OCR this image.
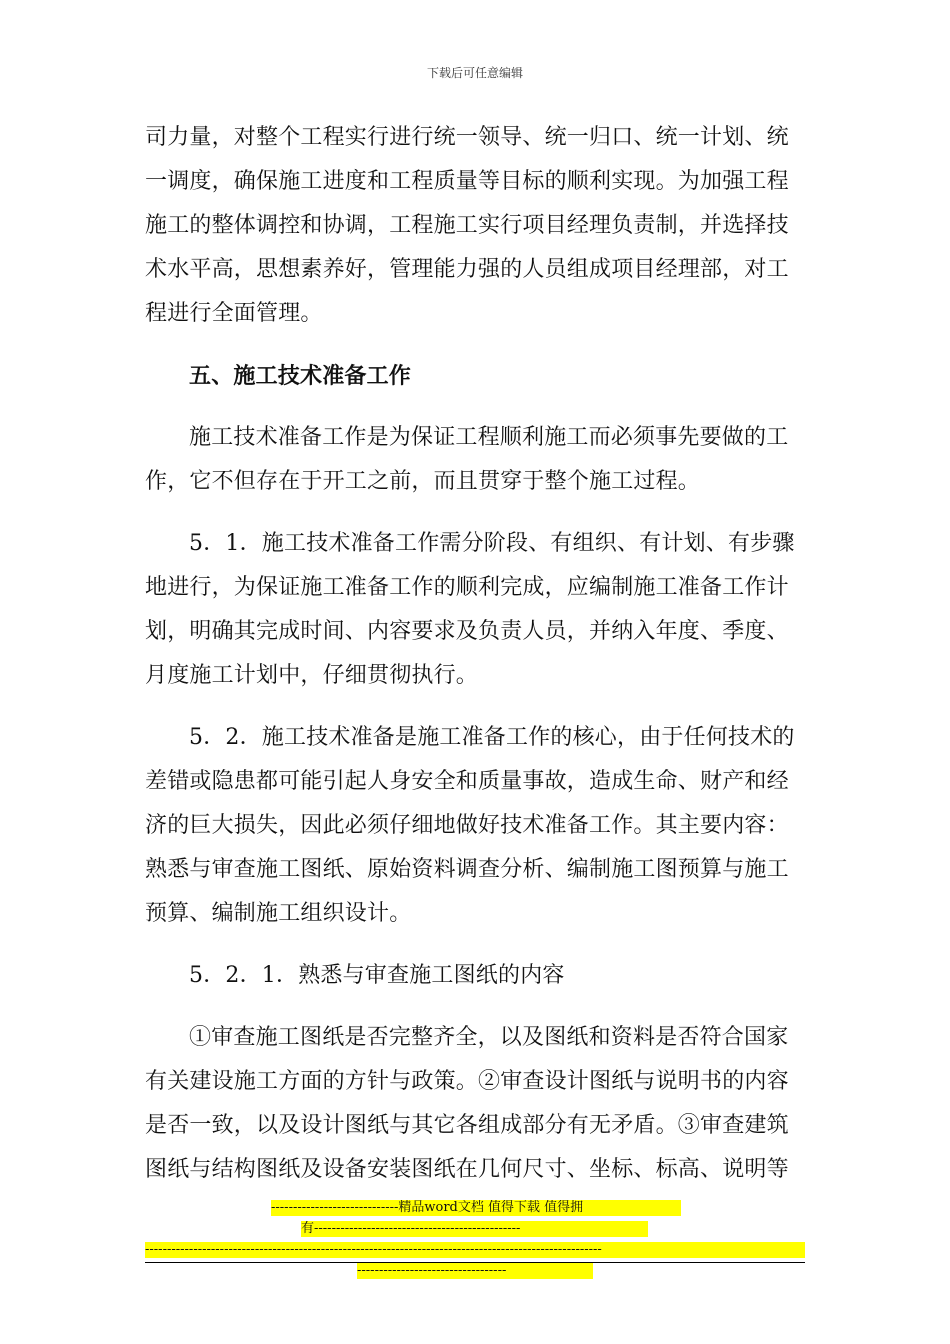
下载后可任意编辑
司力量，对整个工程实行进行统一领导、统一归口、统一计划、统
一调度，确保施工进度和工程质量等目标的顺利实现。为加强工程
施工的整体调控和协调，工程施工实行项目经理负责制，并选择技
术水平高，思想素养好，管理能力强的人员组成项目经理部，对工
程进行全面管理。
五、施工技术准备工作
施工技术准备工作是为保证工程顺利施工而必须事先要做的工
作，它不但存在于开工之前，而且贯穿于整个施工过程。
5．1．施工技术准备工作需分阶段、有组织、有计划、有步骤
地进行，为保证施工准备工作的顺利完成，应编制施工准备工作计
划，明确其完成时间、内容要求及负责人员，并纳入年度、季度、
月度施工计划中，仔细贯彻执行。
5．2．施工技术准备是施工准备工作的核心，由于任何技术的
差错或隐患都可能引起人身安全和质量事故，造成生命、财产和经
济的巨大损失，因此必须仔细地做好技术准备工作。其主要内容：
熟悉与审查施工图纸、原始资料调查分析、编制施工图预算与施工
预算、编制施工组织设计。
5．2．1．熟悉与审查施工图纸的内容
①审查施工图纸是否完整齐全，以及图纸和资料是否符合国家
有关建设施工方面的方针与政策。②审查设计图纸与说明书的内容
是否一致，以及设计图纸与其它各组成部分有无矛盾。③审查建筑
图纸与结构图纸及设备安装图纸在几何尺寸、坐标、标高、说明等
-----------------------------精品word文档 值得下载 值得拥
有-----------------------------------------------
--------------------------------------------------------------------------------------------------------
----------------------------------
